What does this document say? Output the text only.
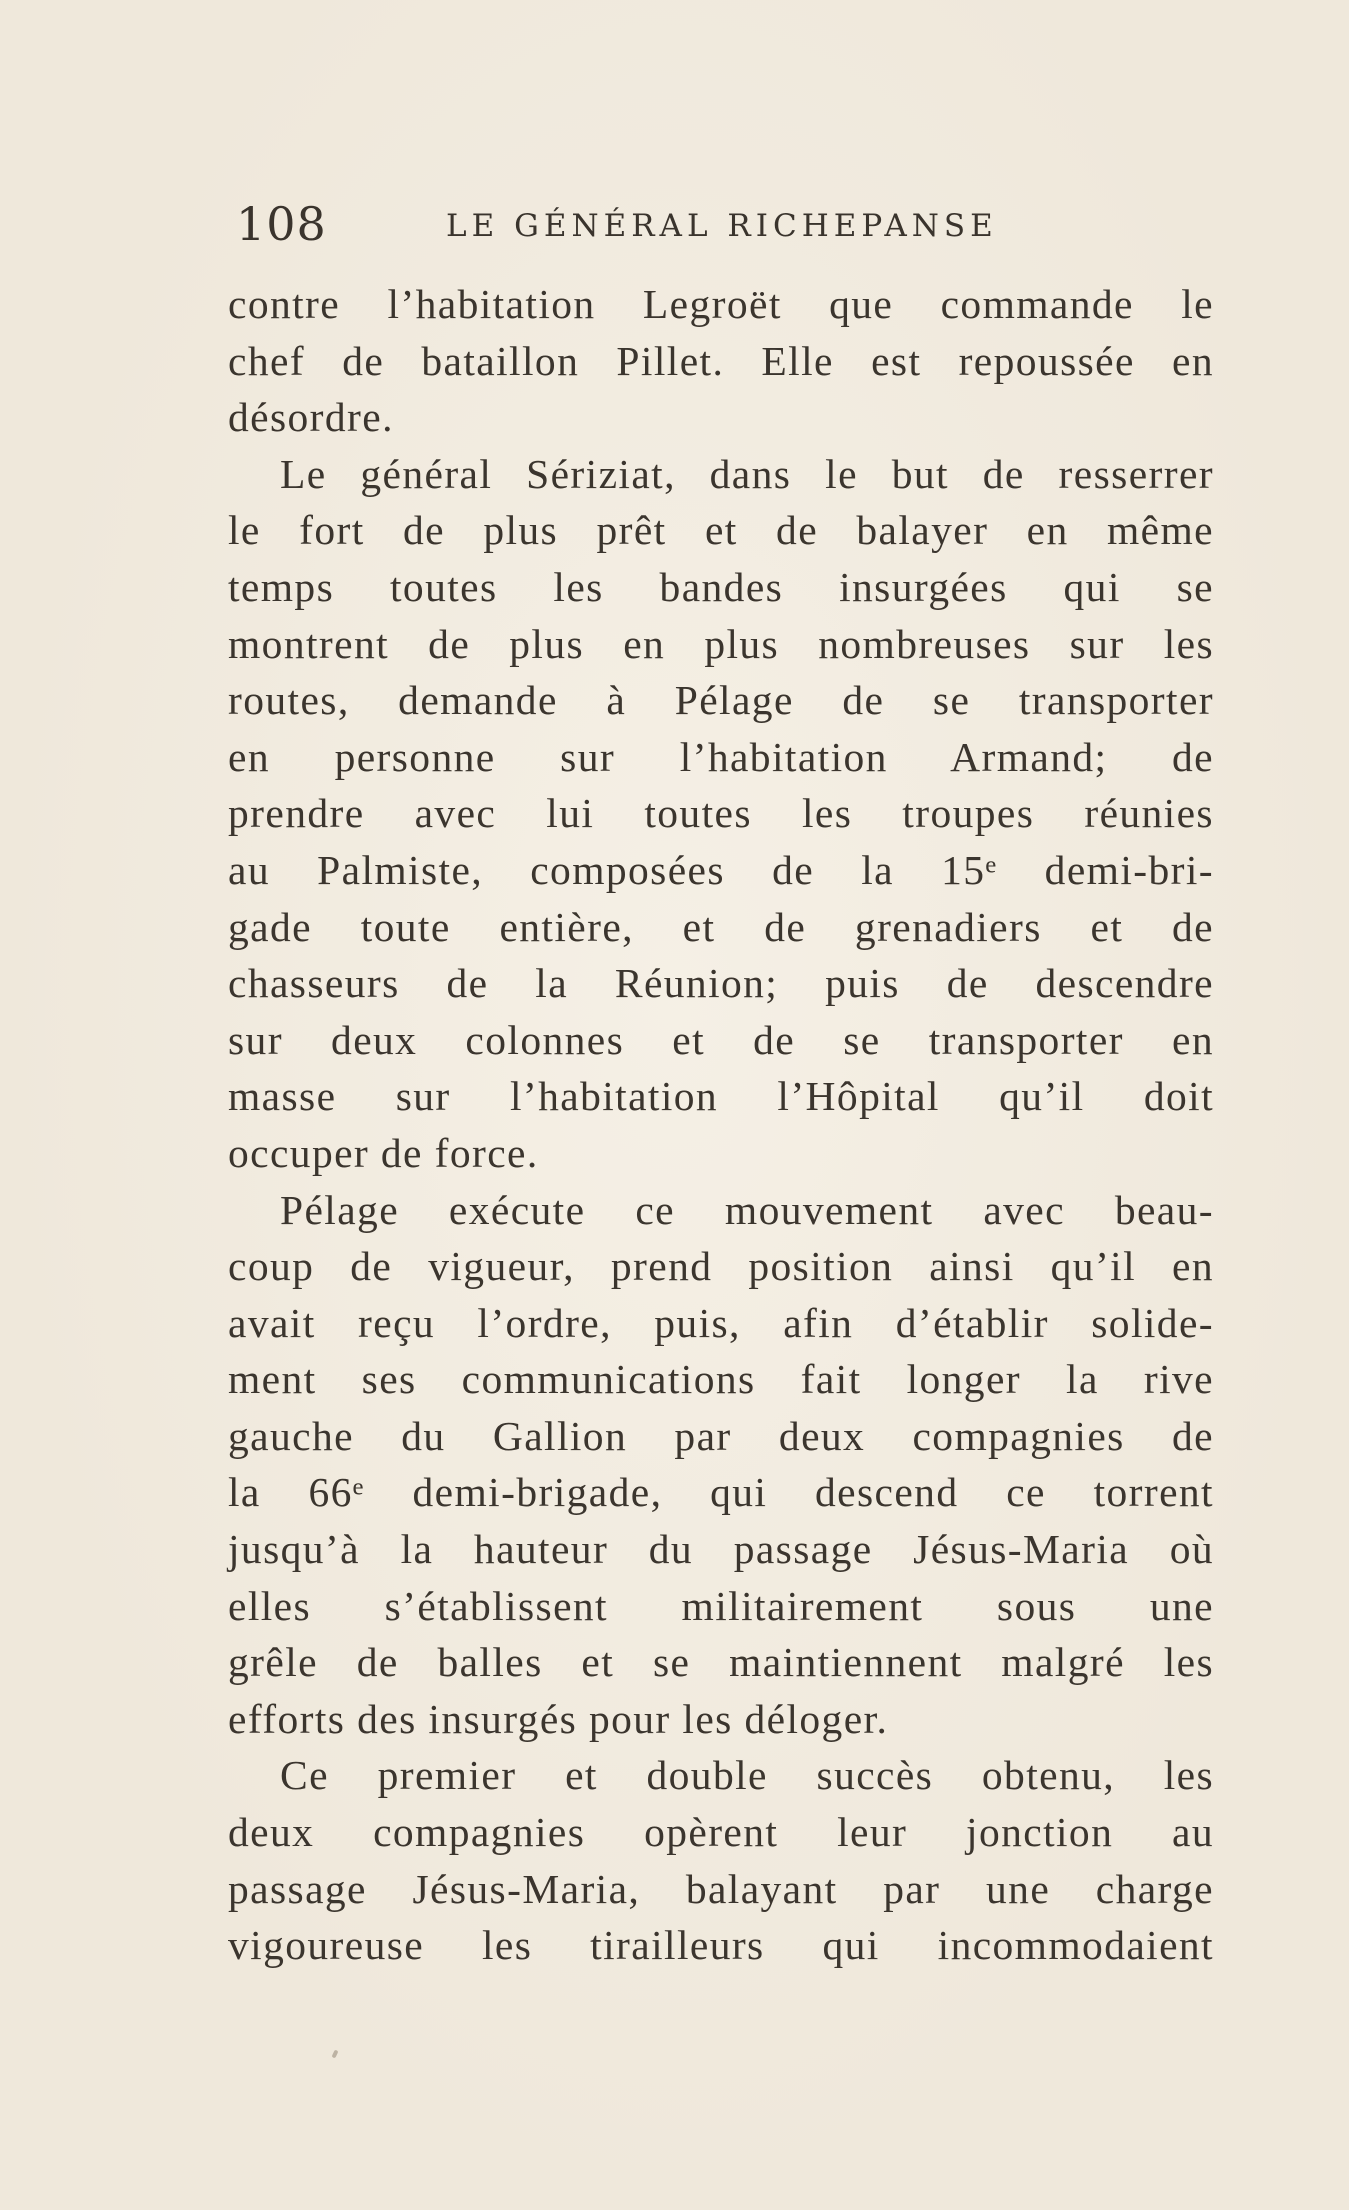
108	LE GÉNÉRAL RICHEPANSE
contre l’habitation Legroët que commande le
chef de bataillon Pillet. Elle est repoussée en
désordre.
Le général Sériziat, dans le but de resserrer
le fort de plus prêt et de balayer en même
temps toutes les bandes insurgées qui se
montrent de plus en plus nombreuses sur les
routes, demande à Pélage de se transporter
en personne sur l’habitation Armand; de
prendre avec lui toutes les troupes réunies
au Palmiste, composées de la 15ᵉ demi-bri-
gade toute entière, et de grenadiers et de
chasseurs de la Réunion; puis de descendre
sur deux colonnes et de se transporter en
masse sur l’habitation l’Hôpital qu’il doit
occuper de force.
Pélage exécute ce mouvement avec beau-
coup de vigueur, prend position ainsi qu’il en
avait reçu l’ordre, puis, afin d’établir solide-
ment ses communications fait longer la rive
gauche du Gallion par deux compagnies de
la 66ᵉ demi-brigade, qui descend ce torrent
jusqu’à la hauteur du passage Jésus-Maria où
elles s’établissent militairement sous une
grêle de balles et se maintiennent malgré les
efforts des insurgés pour les déloger.
Ce premier et double succès obtenu, les
deux compagnies opèrent leur jonction au
passage Jésus-Maria, balayant par une charge
vigoureuse les tirailleurs qui incommodaient
